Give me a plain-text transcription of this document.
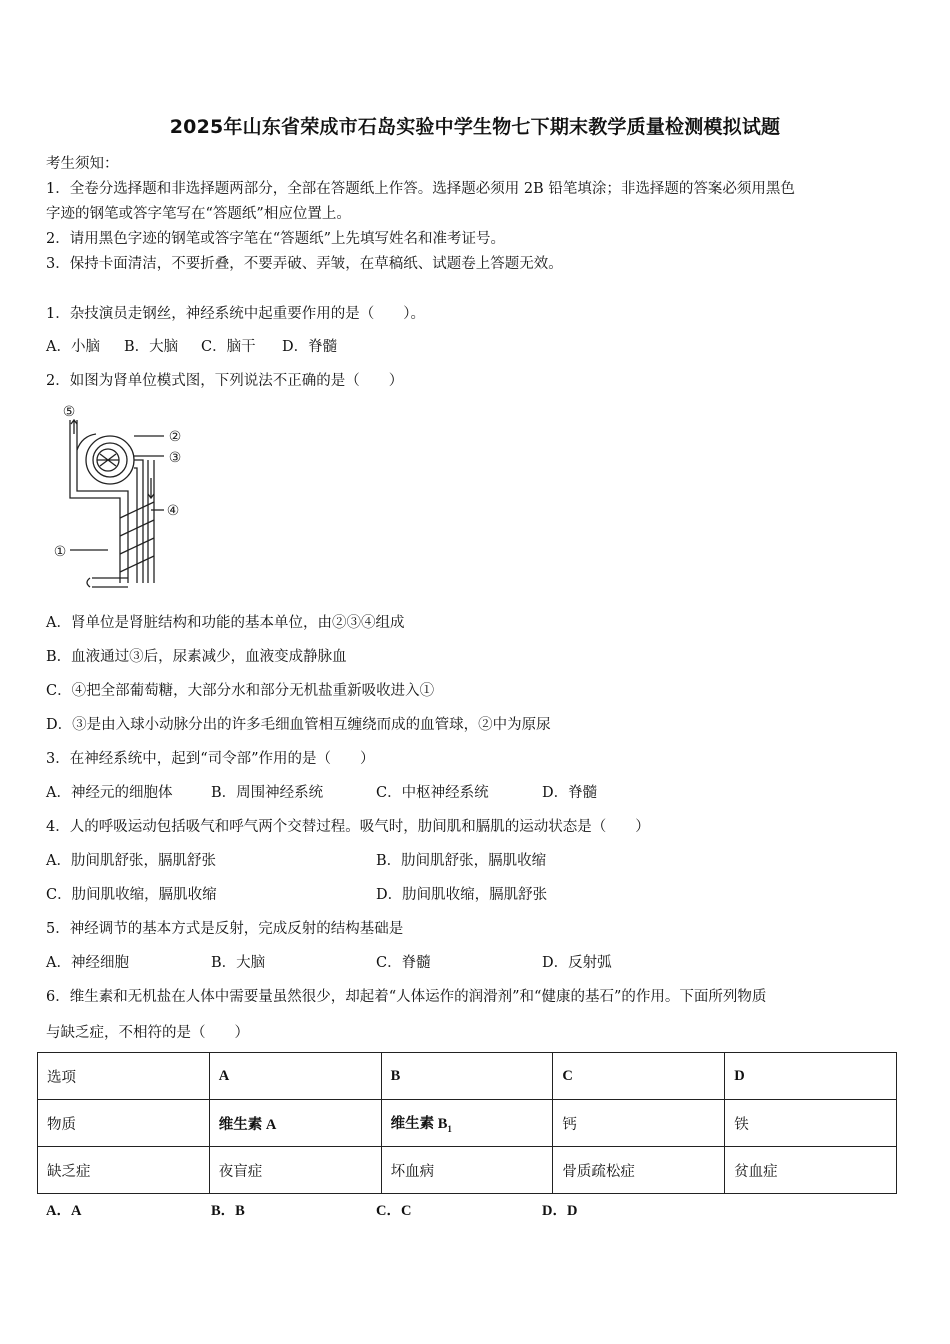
2025年山东省荣成市石岛实验中学生物七下期末教学质量检测模拟试题
考生须知：
1．全卷分选择题和非选择题两部分，全部在答题纸上作答。选择题必须用 2B 铅笔填涂；非选择题的答案必须用黑色
字迹的钢笔或答字笔写在“答题纸”相应位置上。
2．请用黑色字迹的钢笔或答字笔在“答题纸”上先填写姓名和准考证号。
3．保持卡面清洁，不要折叠，不要弄破、弄皱，在草稿纸、试题卷上答题无效。
1．杂技演员走钢丝，神经系统中起重要作用的是（　　）。
A．小脑 B．大脑 C．脑干 D．脊髓
2．如图为肾单位模式图，下列说法不正确的是（　　）
⑤
②
③
④
①
A．肾单位是肾脏结构和功能的基本单位，由②③④组成
B．血液通过③后，尿素减少，血液变成静脉血
C．④把全部葡萄糖，大部分水和部分无机盐重新吸收进入①
D．③是由入球小动脉分出的许多毛细血管相互缠绕而成的血管球，②中为原尿
3．在神经系统中，起到“司令部”作用的是（　　）
A．神经元的细胞体	B．周围神经系统	C．中枢神经系统	D．脊髓
4．人的呼吸运动包括吸气和呼气两个交替过程。吸气时，肋间肌和膈肌的运动状态是（　　）
A．肋间肌舒张，膈肌舒张	B．肋间肌舒张，膈肌收缩
C．肋间肌收缩，膈肌收缩	D．肋间肌收缩，膈肌舒张
5．神经调节的基本方式是反射，完成反射的结构基础是
A．神经细胞	B．大脑	C．脊髓	D．反射弧
6．维生素和无机盐在人体中需要量虽然很少，却起着“人体运作的润滑剂”和“健康的基石”的作用。下面所列物质
与缺乏症，不相符的是（　　）
选项	A	B	C	D
物质	维生素 A	维生素 $B_1$	钙	铁
缺乏症	夜盲症	坏血病	骨质疏松症	贫血症
A．A	B．B	C．C	D．D
